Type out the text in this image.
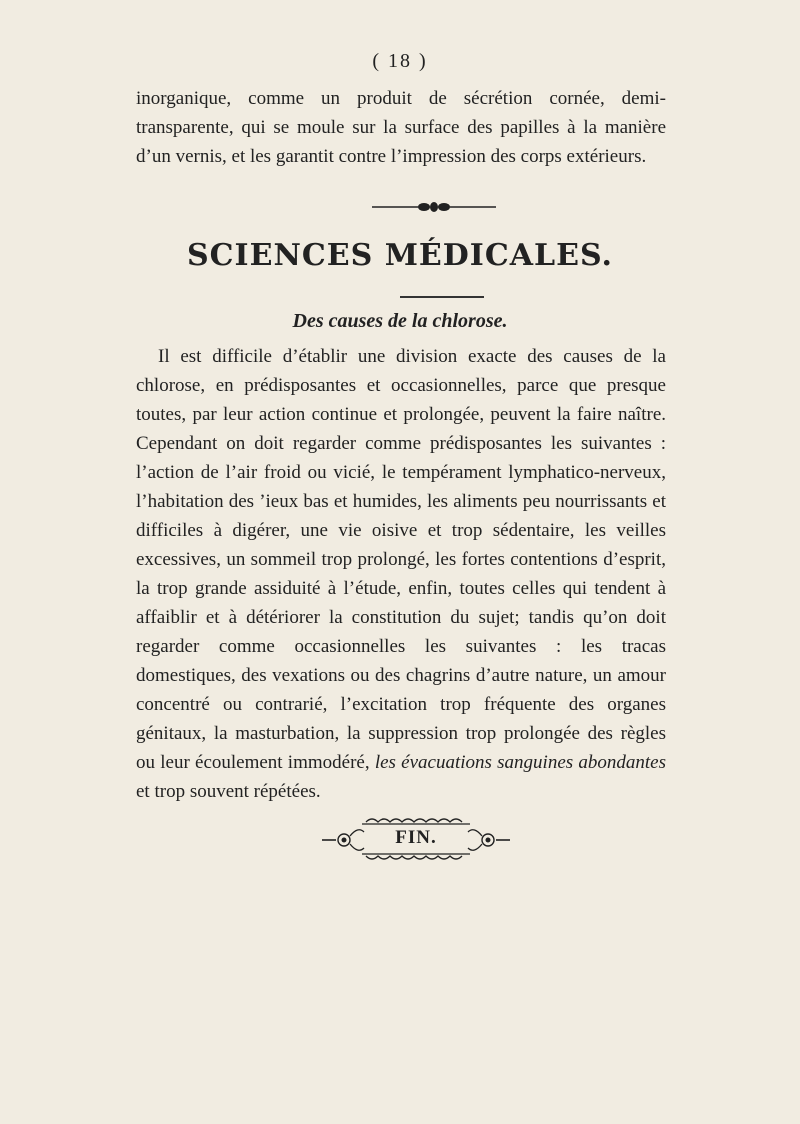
( 18 )
inorganique, comme un produit de sécrétion cornée, demi-transparente, qui se moule sur la surface des papilles à la manière d’un vernis, et les garantit contre l’impression des corps extérieurs.
SCIENCES MÉDICALES.
Des causes de la chlorose.

Il est difficile d’établir une division exacte des causes de la chlorose, en prédisposantes et occasionnelles, parce que presque toutes, par leur action continue et prolongée, peuvent la faire naître. Cependant on doit regarder comme prédisposantes les suivantes : l’action de l’air froid ou vicié, le tempérament lymphatico-nerveux, l’habitation des ’ieux bas et humides, les aliments peu nourrissants et difficiles à digérer, une vie oisive et trop sédentaire, les veilles excessives, un sommeil trop prolongé, les fortes contentions d’esprit, la trop grande assiduité à l’étude, enfin, toutes celles qui tendent à affaiblir et à détériorer la constitution du sujet; tandis qu’on doit regarder comme occasionnelles les suivantes : les tracas domestiques, des vexations ou des chagrins d’autre nature, un amour concentré ou contrarié, l’excitation trop fréquente des organes génitaux, la masturbation, la suppression trop prolongée des règles ou leur écoulement immodéré, les évacuations sanguines abondantes et trop souvent répétées.

FIN.
